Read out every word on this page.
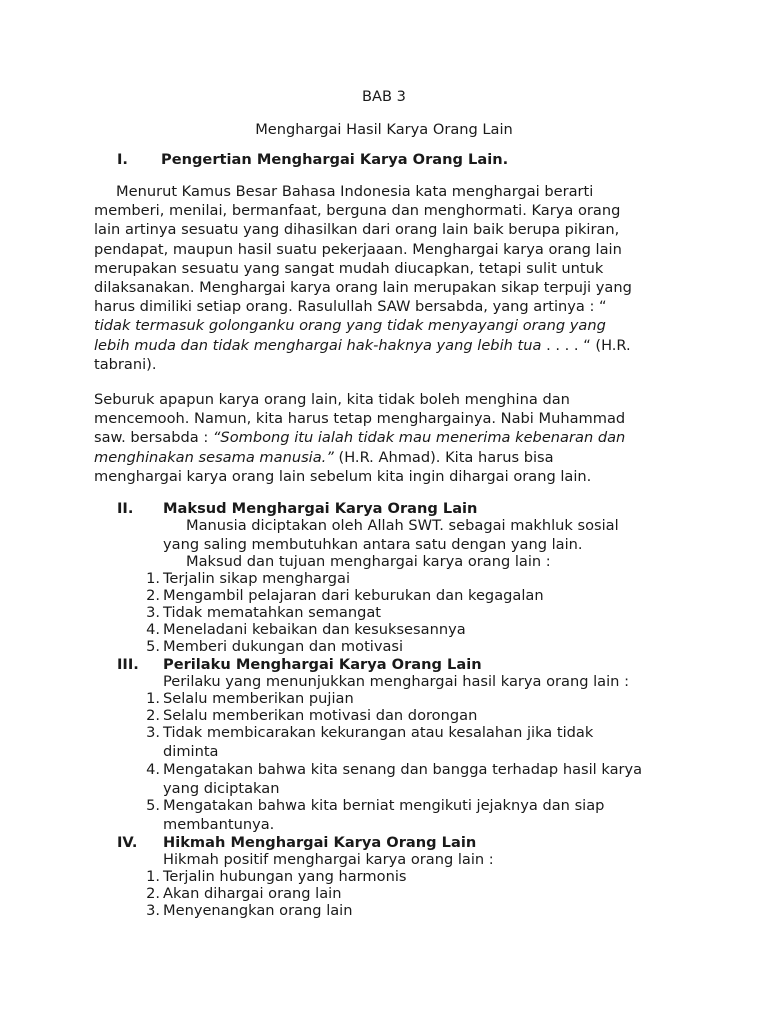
BAB 3
Menghargai Hasil Karya Orang Lain
I. Pengertian Menghargai Karya Orang Lain.

Menurut Kamus Besar Bahasa Indonesia kata menghargai berarti

memberi, menilai, bermanfaat, berguna dan menghormati. Karya orang

lain artinya sesuatu yang dihasilkan dari orang lain baik berupa pikiran,

pendapat, maupun hasil suatu pekerjaaan. Menghargai karya orang lain

merupakan sesuatu yang sangat mudah diucapkan, tetapi sulit untuk

dilaksanakan. Menghargai karya orang lain merupakan sikap terpuji yang

harus dimiliki setiap orang. Rasulullah SAW bersabda, yang artinya : “

tidak termasuk golonganku orang yang tidak menyayangi orang yang

lebih muda dan tidak menghargai hak-haknya yang lebih tua . . . . “ (H.R.

tabrani).

Seburuk apapun karya orang lain, kita tidak boleh menghina dan

mencemooh. Namun, kita harus tetap menghargainya. Nabi Muhammad

saw. bersabda : “Sombong itu ialah tidak mau menerima kebenaran dan

menghinakan sesama manusia.” (H.R. Ahmad). Kita harus bisa

menghargai karya orang lain sebelum kita ingin dihargai orang lain.

II. Maksud Menghargai Karya Orang Lain
Manusia diciptakan oleh Allah SWT. sebagai makhluk sosial
yang saling membutuhkan antara satu dengan yang lain.
Maksud dan tujuan menghargai karya orang lain :
1. Terjalin sikap menghargai
2. Mengambil pelajaran dari keburukan dan kegagalan
3. Tidak mematahkan semangat
4. Meneladani kebaikan dan kesuksesannya
5. Memberi dukungan dan motivasi
III. Perilaku Menghargai Karya Orang Lain
Perilaku yang menunjukkan menghargai hasil karya orang lain :
1. Selalu memberikan pujian
2. Selalu memberikan motivasi dan dorongan
3. Tidak membicarakan kekurangan atau kesalahan jika tidak
diminta
4. Mengatakan bahwa kita senang dan bangga terhadap hasil karya
yang diciptakan
5. Mengatakan bahwa kita berniat mengikuti jejaknya dan siap
membantunya.
IV. Hikmah Menghargai Karya Orang Lain
Hikmah positif menghargai karya orang lain :
1. Terjalin hubungan yang harmonis
2. Akan dihargai orang lain
3. Menyenangkan orang lain
